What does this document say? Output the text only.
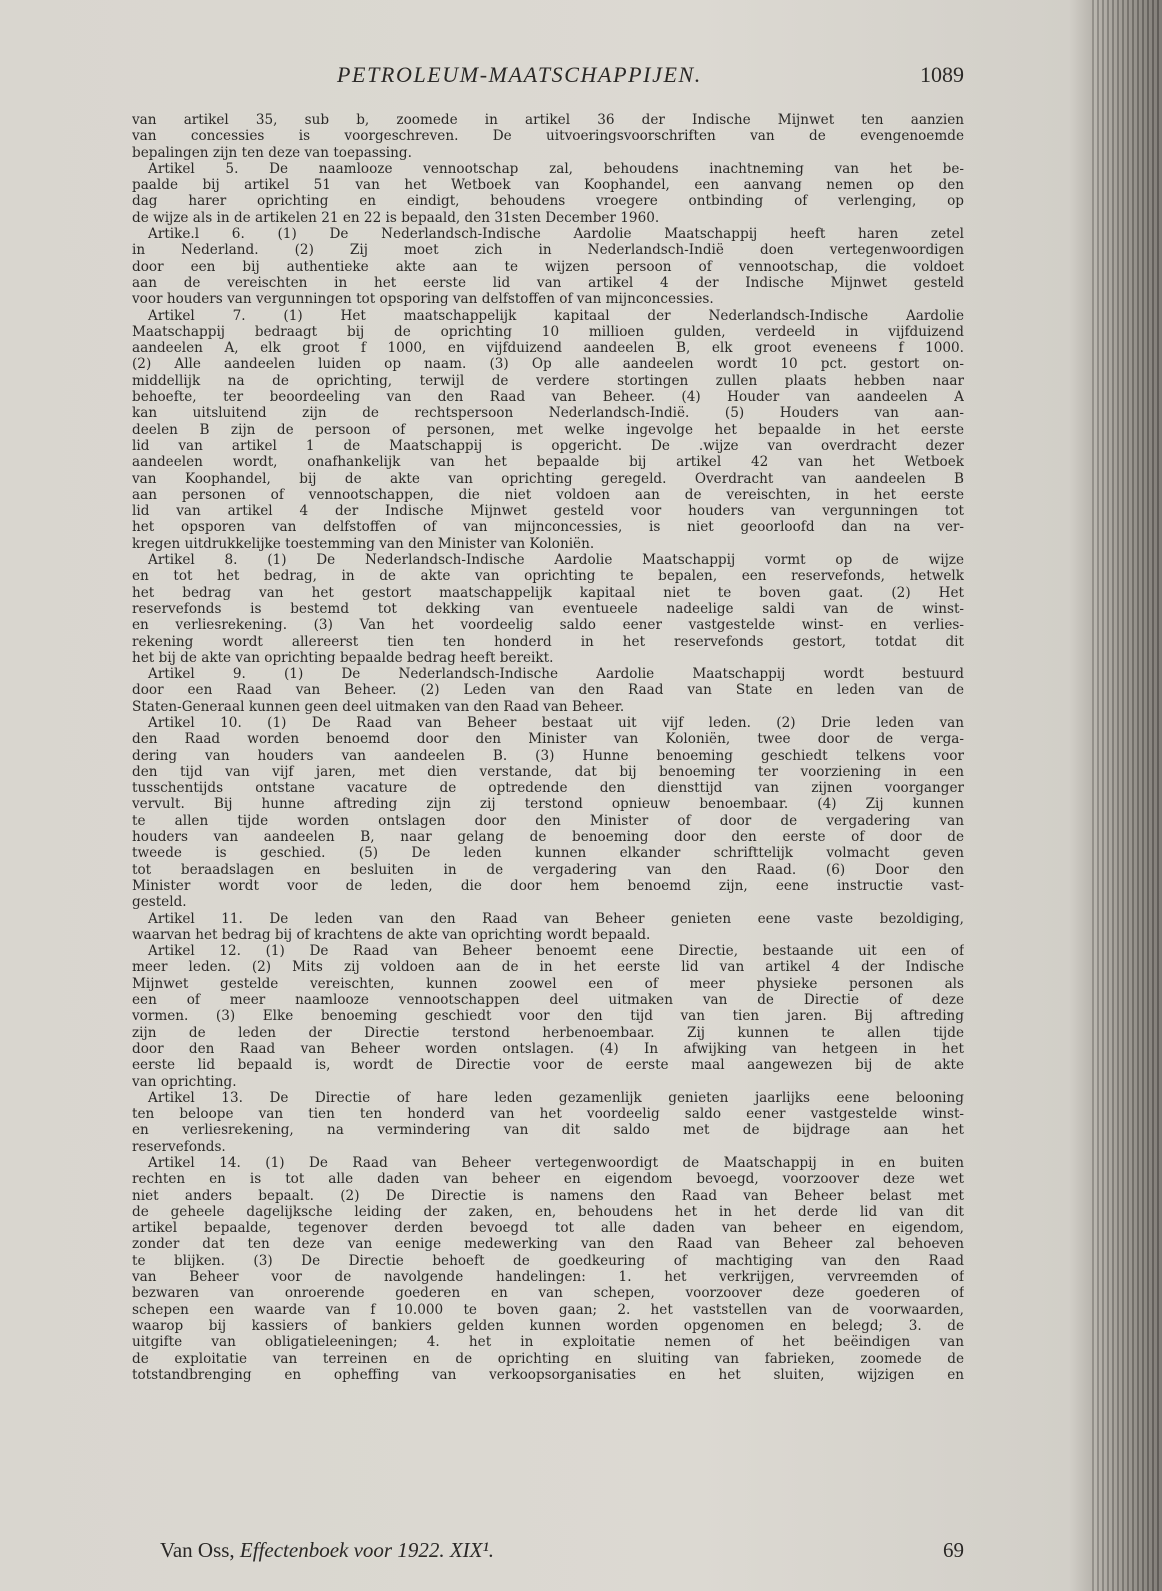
PETROLEUM-MAATSCHAPPIJEN.	1089
van artikel 35, sub b, zoomede in artikel 36 der Indische Mijnwet ten aanzien
van concessies is voorgeschreven. De uitvoeringsvoorschriften van de evengenoemde
bepalingen zijn ten deze van toepassing.
Artikel 5. De naamlooze vennootschap zal, behoudens inachtneming van het be-
paalde bij artikel 51 van het Wetboek van Koophandel, een aanvang nemen op den
dag harer oprichting en eindigt, behoudens vroegere ontbinding of verlenging, op
de wijze als in de artikelen 21 en 22 is bepaald, den 31sten December 1960.
Artike.l 6. (1) De Nederlandsch-Indische Aardolie Maatschappij heeft haren zetel
in Nederland. (2) Zij moet zich in Nederlandsch-Indië doen vertegenwoordigen
door een bij authentieke akte aan te wijzen persoon of vennootschap, die voldoet
aan de vereischten in het eerste lid van artikel 4 der Indische Mijnwet gesteld
voor houders van vergunningen tot opsporing van delfstoffen of van mijnconcessies.
Artikel 7. (1) Het maatschappelijk kapitaal der Nederlandsch-Indische Aardolie
Maatschappij bedraagt bij de oprichting 10 millioen gulden, verdeeld in vijfduizend
aandeelen A, elk groot f 1000, en vijfduizend aandeelen B, elk groot eveneens f 1000.
(2) Alle aandeelen luiden op naam. (3) Op alle aandeelen wordt 10 pct. gestort on-
middellijk na de oprichting, terwijl de verdere stortingen zullen plaats hebben naar
behoefte, ter beoordeeling van den Raad van Beheer. (4) Houder van aandeelen A
kan uitsluitend zijn de rechtspersoon Nederlandsch-Indië. (5) Houders van aan-
deelen B zijn de persoon of personen, met welke ingevolge het bepaalde in het eerste
lid van artikel 1 de Maatschappij is opgericht. De .wijze van overdracht dezer
aandeelen wordt, onafhankelijk van het bepaalde bij artikel 42 van het Wetboek
van Koophandel, bij de akte van oprichting geregeld. Overdracht van aandeelen B
aan personen of vennootschappen, die niet voldoen aan de vereischten, in het eerste
lid van artikel 4 der Indische Mijnwet gesteld voor houders van vergunningen tot
het opsporen van delfstoffen of van mijnconcessies, is niet geoorloofd dan na ver-
kregen uitdrukkelijke toestemming van den Minister van Koloniën.
Artikel 8. (1) De Nederlandsch-Indische Aardolie Maatschappij vormt op de wijze
en tot het bedrag, in de akte van oprichting te bepalen, een reservefonds, hetwelk
het bedrag van het gestort maatschappelijk kapitaal niet te boven gaat. (2) Het
reservefonds is bestemd tot dekking van eventueele nadeelige saldi van de winst-
en verliesrekening. (3) Van het voordeelig saldo eener vastgestelde winst- en verlies-
rekening wordt allereerst tien ten honderd in het reservefonds gestort, totdat dit
het bij de akte van oprichting bepaalde bedrag heeft bereikt.
Artikel 9. (1) De Nederlandsch-Indische Aardolie Maatschappij wordt bestuurd
door een Raad van Beheer. (2) Leden van den Raad van State en leden van de
Staten-Generaal kunnen geen deel uitmaken van den Raad van Beheer.
Artikel 10. (1) De Raad van Beheer bestaat uit vijf leden. (2) Drie leden van
den Raad worden benoemd door den Minister van Koloniën, twee door de verga-
dering van houders van aandeelen B. (3) Hunne benoeming geschiedt telkens voor
den tijd van vijf jaren, met dien verstande, dat bij benoeming ter voorziening in een
tusschentijds ontstane vacature de optredende den diensttijd van zijnen voorganger
vervult. Bij hunne aftreding zijn zij terstond opnieuw benoembaar. (4) Zij kunnen
te allen tijde worden ontslagen door den Minister of door de vergadering van
houders van aandeelen B, naar gelang de benoeming door den eerste of door de
tweede is geschied. (5) De leden kunnen elkander schrifttelijk volmacht geven
tot beraadslagen en besluiten in de vergadering van den Raad. (6) Door den
Minister wordt voor de leden, die door hem benoemd zijn, eene instructie vast-
gesteld.
Artikel 11. De leden van den Raad van Beheer genieten eene vaste bezoldiging,
waarvan het bedrag bij of krachtens de akte van oprichting wordt bepaald.
Artikel 12. (1) De Raad van Beheer benoemt eene Directie, bestaande uit een of
meer leden. (2) Mits zij voldoen aan de in het eerste lid van artikel 4 der Indische
Mijnwet gestelde vereischten, kunnen zoowel een of meer physieke personen als
een of meer naamlooze vennootschappen deel uitmaken van de Directie of deze
vormen. (3) Elke benoeming geschiedt voor den tijd van tien jaren. Bij aftreding
zijn de leden der Directie terstond herbenoembaar. Zij kunnen te allen tijde
door den Raad van Beheer worden ontslagen. (4) In afwijking van hetgeen in het
eerste lid bepaald is, wordt de Directie voor de eerste maal aangewezen bij de akte
van oprichting.
Artikel 13. De Directie of hare leden gezamenlijk genieten jaarlijks eene belooning
ten beloope van tien ten honderd van het voordeelig saldo eener vastgestelde winst-
en verliesrekening, na vermindering van dit saldo met de bijdrage aan het
reservefonds.
Artikel 14. (1) De Raad van Beheer vertegenwoordigt de Maatschappij in en buiten
rechten en is tot alle daden van beheer en eigendom bevoegd, voorzoover deze wet
niet anders bepaalt. (2) De Directie is namens den Raad van Beheer belast met
de geheele dagelijksche leiding der zaken, en, behoudens het in het derde lid van dit
artikel bepaalde, tegenover derden bevoegd tot alle daden van beheer en eigendom,
zonder dat ten deze van eenige medewerking van den Raad van Beheer zal behoeven
te blijken. (3) De Directie behoeft de goedkeuring of machtiging van den Raad
van Beheer voor de navolgende handelingen: 1. het verkrijgen, vervreemden of
bezwaren van onroerende goederen en van schepen, voorzoover deze goederen of
schepen een waarde van f 10.000 te boven gaan; 2. het vaststellen van de voorwaarden,
waarop bij kassiers of bankiers gelden kunnen worden opgenomen en belegd; 3. de
uitgifte van obligatieleeningen; 4. het in exploitatie nemen of het beëindigen van
de exploitatie van terreinen en de oprichting en sluiting van fabrieken, zoomede de
totstandbrenging en opheffing van verkoopsorganisaties en het sluiten, wijzigen en
Van Oss, Effectenboek voor 1922. XIX¹.	69
